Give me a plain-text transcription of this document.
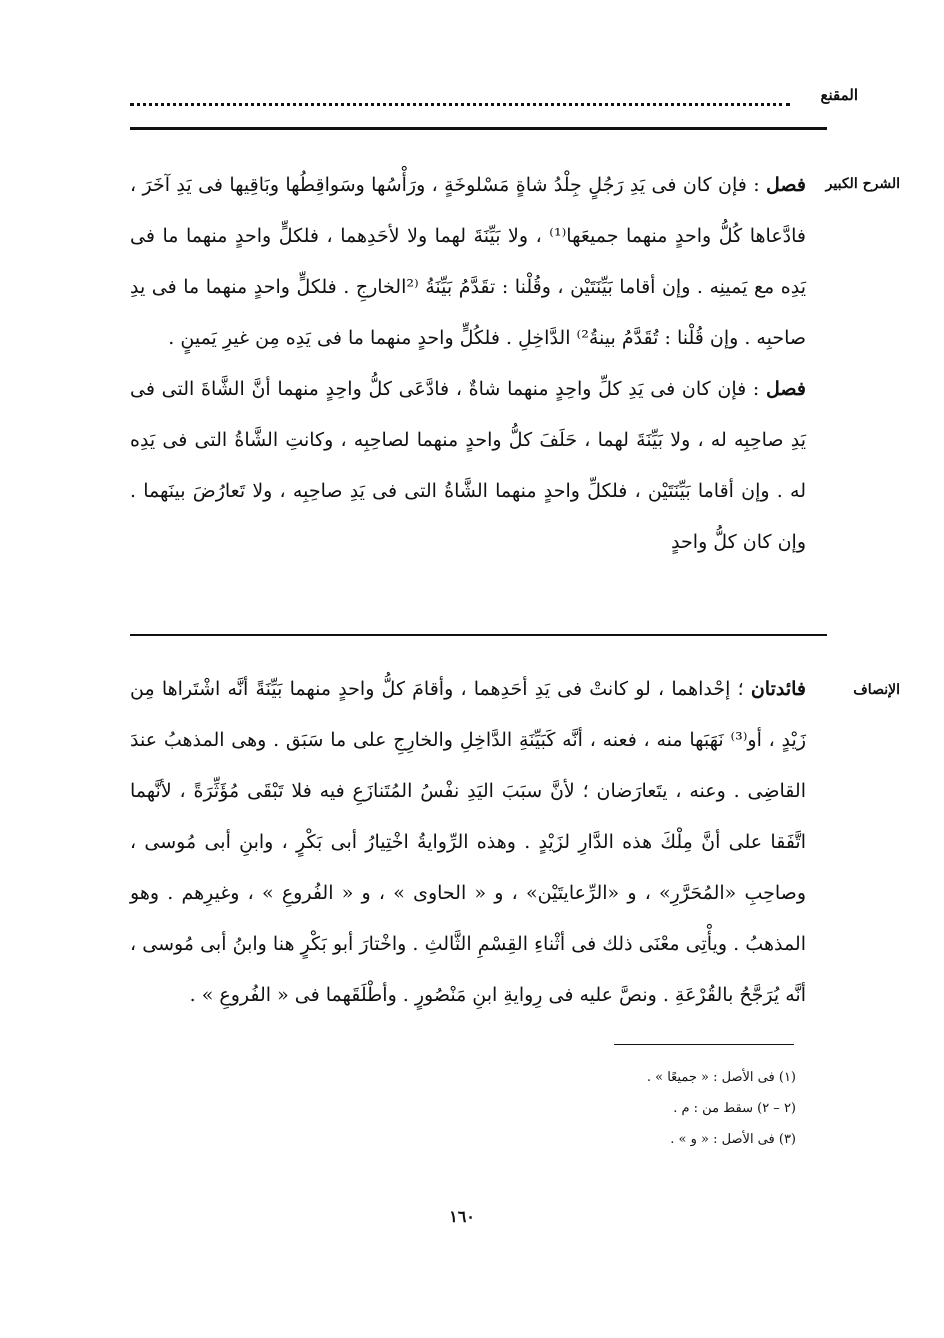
المقنع
الشرح الكبير

فصل : فإن كان فى يَدِ رَجُلٍ جِلْدُ شاةٍ مَسْلوخَةٍ ، ورَأْسُها وسَواقِطُها وبَاقِيها فى يَدِ آخَرَ ، فادَّعاها كُلُّ واحدٍ منهما جميعَها⁽¹⁾ ، ولا بَيِّنَةَ لهما ولا لأحَدِهما ، فلكلٍّ واحدٍ منهما ما فى يَدِه مع يَمينِه . وإن أقاما بَيِّنَتَيْن ، وقُلْنا : تقَدَّمُ بَيِّنَةُ ⁽²الخارجِ . فلكلٍّ واحدٍ منهما ما فى يدِ صاحبِه . وإن قُلْنا : تُقَدَّمُ بينةُ²⁾ الدَّاخِلِ . فلكُلٍّ واحدٍ منهما ما فى يَدِه مِن غيرِ يَمينٍ .

فصل : فإن كان فى يَدِ كلِّ واحِدٍ منهما شاةٌ ، فادَّعَى كلُّ واحِدٍ منهما أنَّ الشَّاةَ التى فى يَدِ صاحِبِه له ، ولا بَيِّنَةَ لهما ، حَلَفَ كلُّ واحدٍ منهما لصاحِبِه ، وكانتِ الشَّاةُ التى فى يَدِه له . وإن أقاما بَيِّنَتَيْن ، فلكلِّ واحدٍ منهما الشَّاةُ التى فى يَدِ صاحِبِه ، ولا تَعارُضَ بينَهما . وإن كان كلُّ واحدٍ

الإنصاف

فائدتان ؛ إحْداهما ، لو كانتْ فى يَدِ أحَدِهما ، وأقامَ كلُّ واحدٍ منهما بَيِّنَةً أنَّه اشْتَراها مِن زَيْدٍ ، أو⁽³⁾ نَهَبَها منه ، فعنه ، أنَّه كَبَيِّنَةِ الدَّاخِلِ والخارِجِ على ما سَبَق . وهى المذهبُ عندَ القاضِى . وعنه ، يتَعارَضان ؛ لأنَّ سبَبَ اليَدِ نفْسُ المُتَنازَعِ فيه فلا تَبْقَى مُؤَثِّرَةً ، لأنَّهما اتَّفَقا على أنَّ مِلْكَ هذه الدَّارِ لزَيْدٍ . وهذه الرِّوايةُ اخْتِيارُ أبى بَكْرٍ ، وابنِ أبى مُوسى ، وصاحِبِ «المُحَرَّرِ» ، و «الرِّعايتَيْن» ، و « الحاوى » ، و « الفُروعِ » ، وغيرِهم . وهو المذهبُ . ويأْتِى معْنَى ذلك فى أثْناءِ القِسْمِ الثَّالثِ . واخْتارَ أبو بَكْرٍ هنا وابنُ أبى مُوسى ، أنَّه يُرَجَّحُ بالقُرْعَةِ . ونصَّ عليه فى رِوايةِ ابنِ مَنْصُورٍ . وأطْلَقَهما فى « الفُروعِ » .

(١) فى الأصل : « جميعًا » .
(٢ – ٢) سقط من : م .
(٣) فى الأصل : « و » .
١٦٠
